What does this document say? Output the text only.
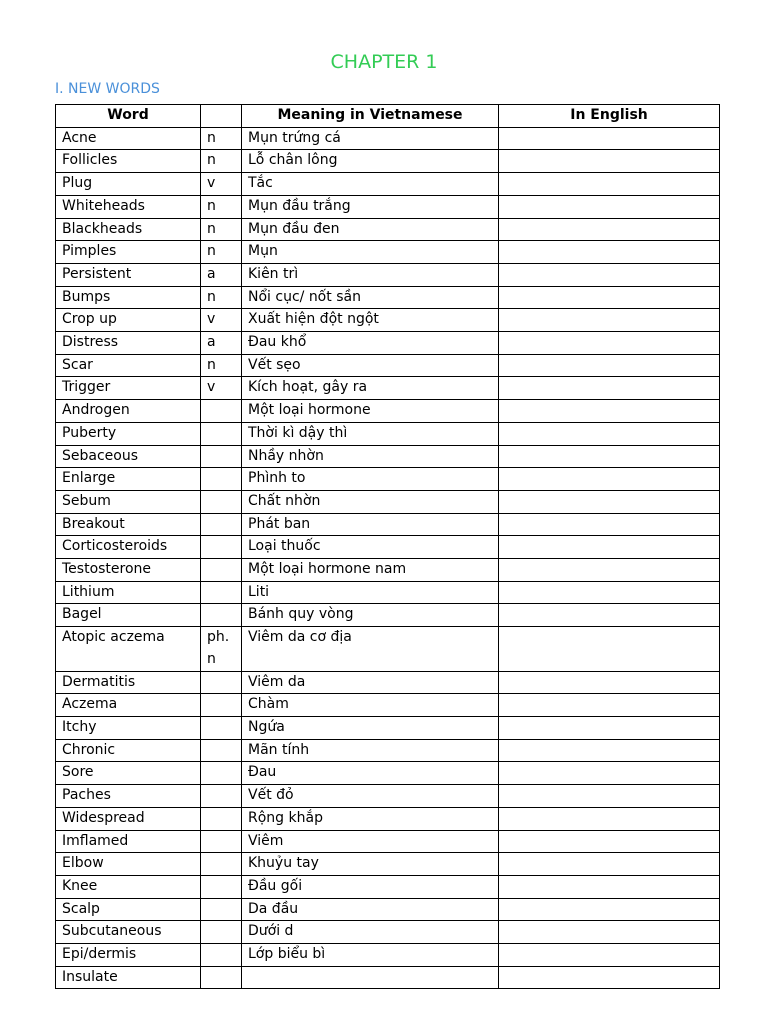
CHAPTER 1
I. NEW WORDS
Word		Meaning in Vietnamese	In English
Acne	n	Mụn trứng cá	
Follicles	n	Lỗ chân lông	
Plug	v	Tắc	
Whiteheads	n	Mụn đầu trắng	
Blackheads	n	Mụn đầu đen	
Pimples	n	Mụn	
Persistent	a	Kiên trì	
Bumps	n	Nổi cục/ nốt sần	
Crop up	v	Xuất hiện đột ngột	
Distress	a	Đau khổ	
Scar	n	Vết sẹo	
Trigger	v	Kích hoạt, gây ra	
Androgen		Một loại hormone	
Puberty		Thời kì dậy thì	
Sebaceous		Nhầy nhờn	
Enlarge		Phình to	
Sebum		Chất nhờn	
Breakout		Phát ban	
Corticosteroids		Loại thuốc	
Testosterone		Một loại hormone nam	
Lithium		Liti	
Bagel		Bánh quy vòng	
Atopic aczema	ph. n	Viêm da cơ địa	
Dermatitis		Viêm da	
Aczema		Chàm	
Itchy		Ngứa	
Chronic		Mãn tính	
Sore		Đau	
Paches		Vết đỏ	
Widespread		Rộng khắp	
Imflamed		Viêm	
Elbow		Khuỷu tay	
Knee		Đầu gối	
Scalp		Da đầu	
Subcutaneous		Dưới d	
Epi/dermis		Lớp biểu bì	
Insulate			
